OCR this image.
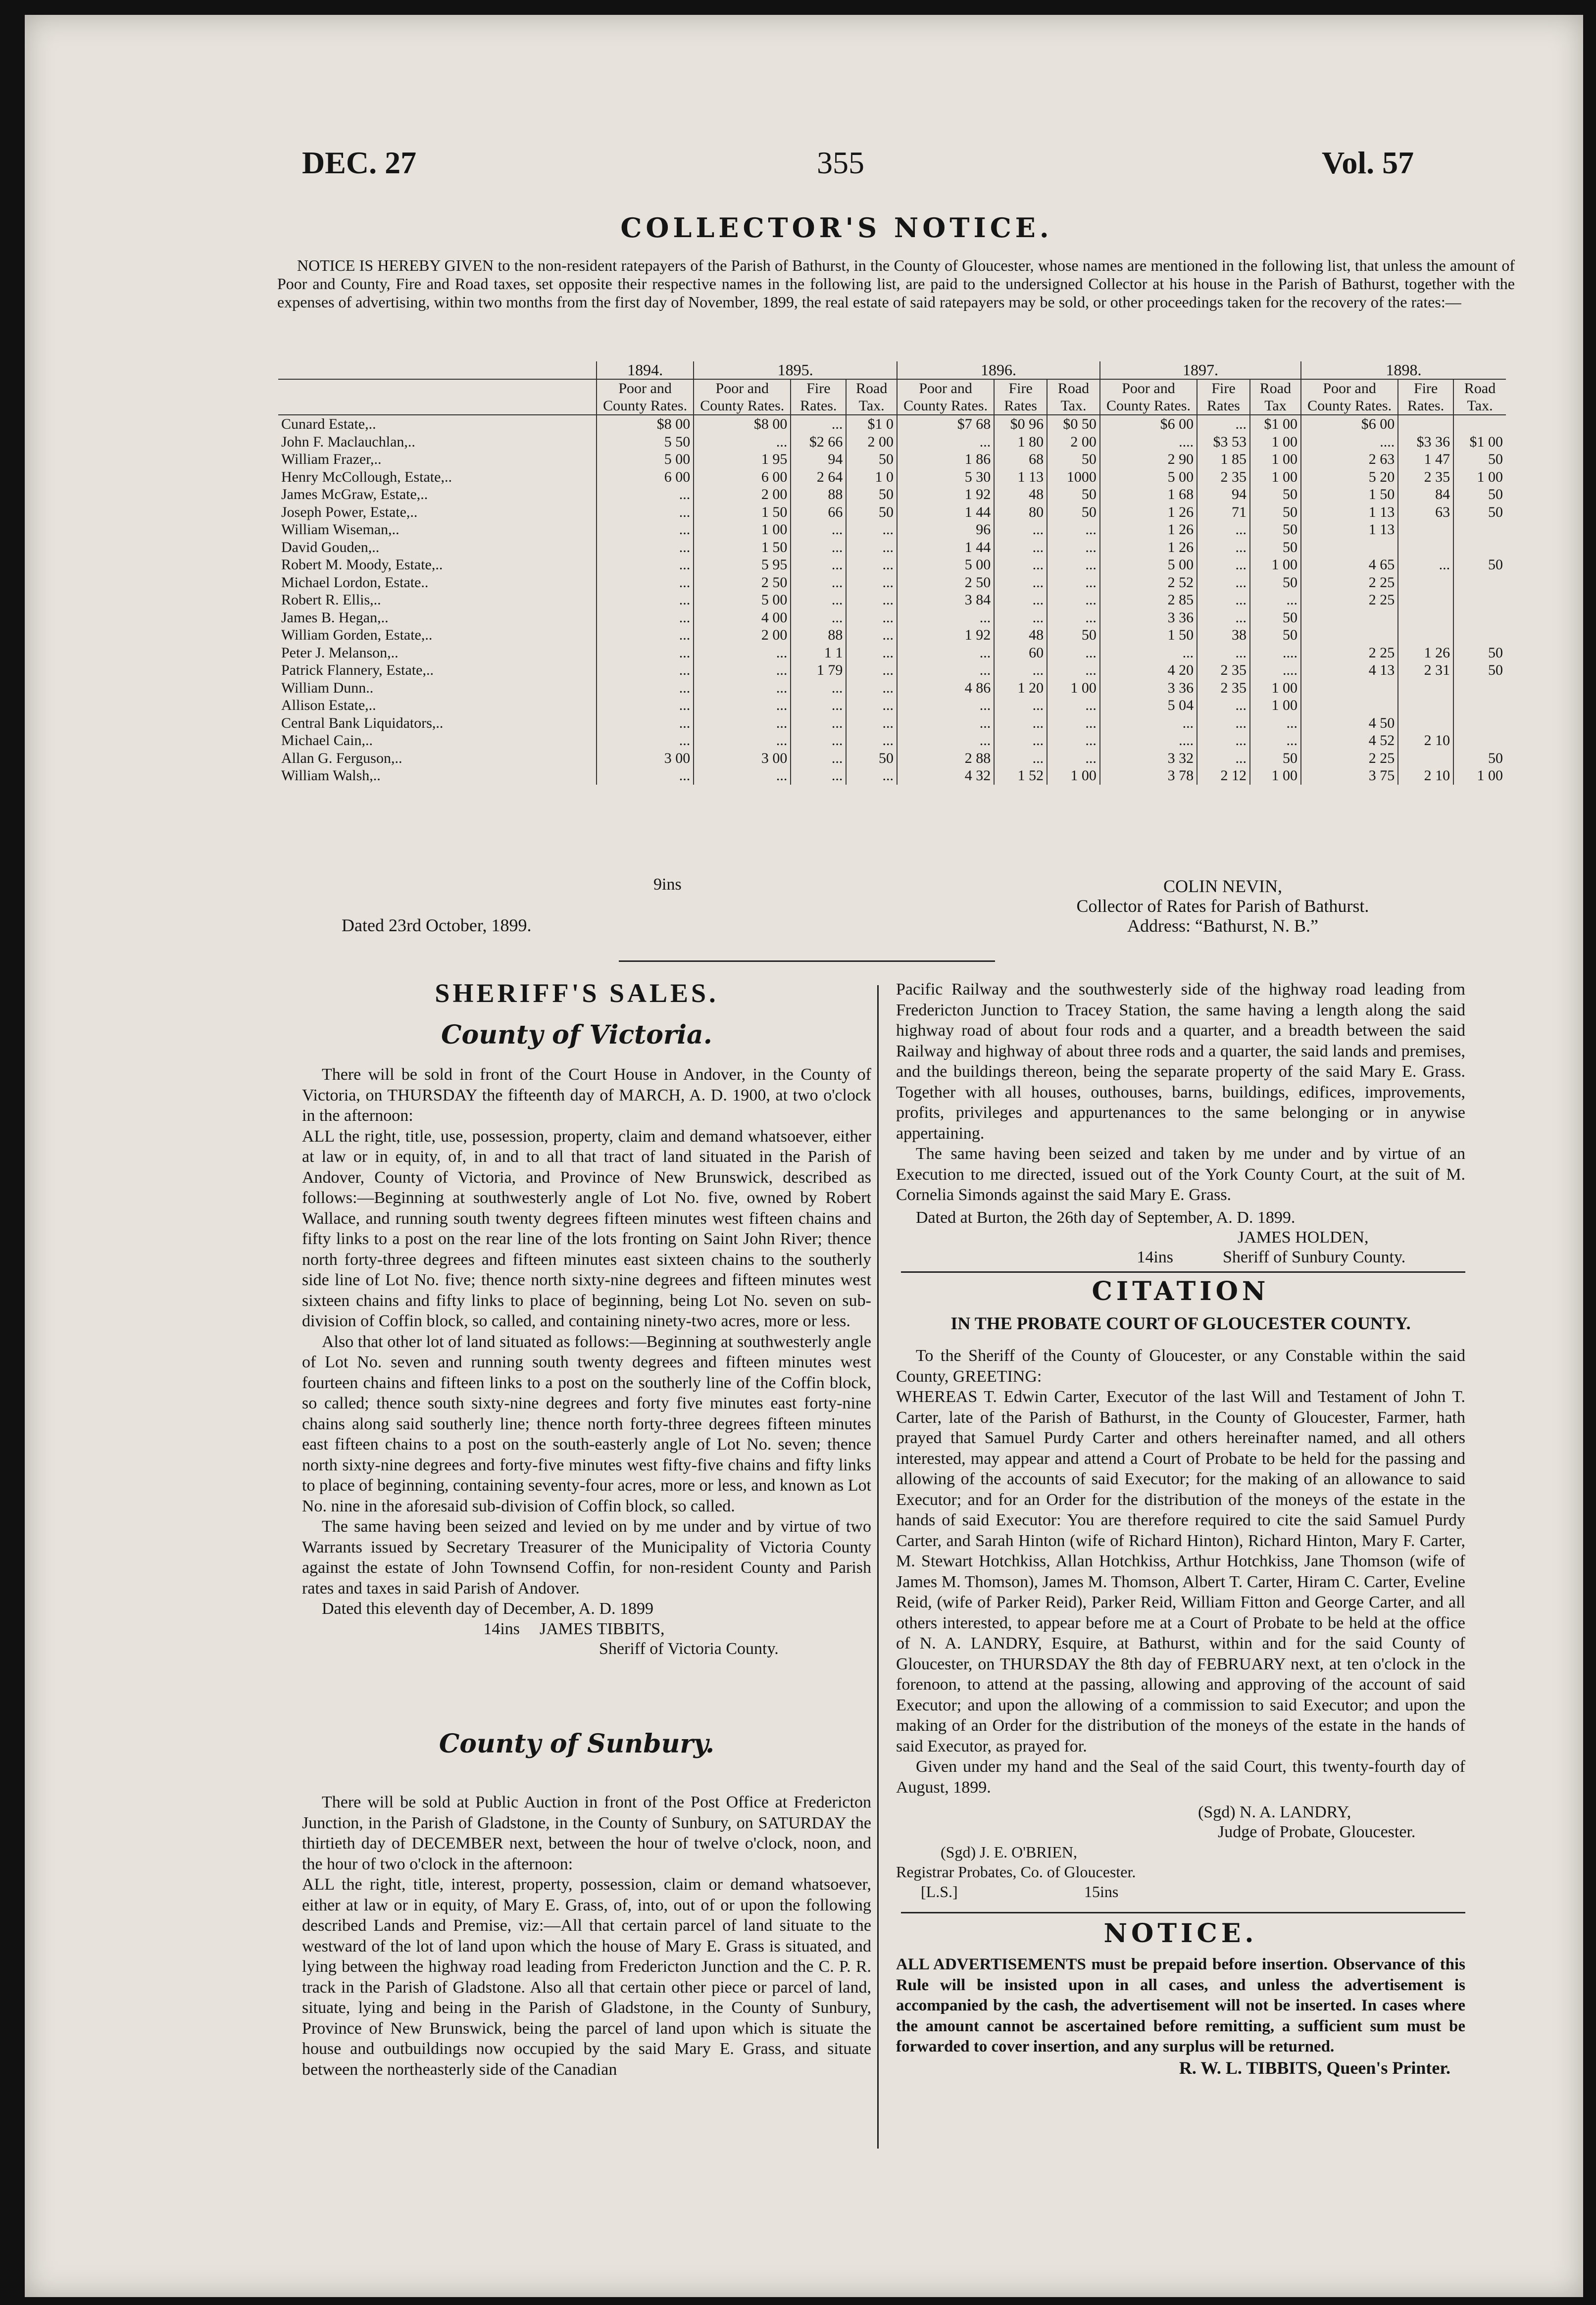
DEC. 27	355	Vol. 57
COLLECTOR'S NOTICE.

NOTICE IS HEREBY GIVEN to the non-resident ratepayers of the Parish of Bathurst, in the County of Gloucester, whose names are mentioned in the following list, that unless the amount of Poor and County, Fire and Road taxes, set opposite their respective names in the following list, are paid to the undersigned Collector at his house in the Parish of Bathurst, together with the expenses of advertising, within two months from the first day of November, 1899, the real estate of said ratepayers may be sold, or other proceedings taken for the recovery of the rates:—

	1894.	1895.			1896.			1897.			1898.		
	Poor and County Rates.	Poor and County Rates.	Fire Rates.	Road Tax.	Poor and County Rates.	Fire Rates	Road Tax.	Poor and County Rates.	Fire Rates	Road Tax	Poor and County Rates.	Fire Rates.	Road Tax.
Cunard Estate,..	$8 00	$8 00	...	$1 0	$7 68	$0 96	$0 50	$6 00	...	$1 00	$6 00		
John F. Maclauchlan,..	5 50	...	$2 66	2 00	...	1 80	2 00	....	$3 53	1 00	....	$3 36	$1 00
William Frazer,..	5 00	1 95	94	50	1 86	68	50	2 90	1 85	1 00	2 63	1 47	50
Henry McCollough, Estate,..	6 00	6 00	2 64	1 0	5 30	1 13	1000	5 00	2 35	1 00	5 20	2 35	1 00
James McGraw, Estate,..	...	2 00	88	50	1 92	48	50	1 68	94	50	1 50	84	50
Joseph Power, Estate,..	...	1 50	66	50	1 44	80	50	1 26	71	50	1 13	63	50
William Wiseman,..	...	1 00	...	...	96	...	...	1 26	...	50	1 13		
David Gouden,..	...	1 50	...	...	1 44	...	...	1 26	...	50			
Robert M. Moody, Estate,..	...	5 95	...	...	5 00	...	...	5 00	...	1 00	4 65	...	50
Michael Lordon, Estate..	...	2 50	...	...	2 50	...	...	2 52	...	50	2 25		
Robert R. Ellis,..	...	5 00	...	...	3 84	...	...	2 85	...	...	2 25		
James B. Hegan,..	...	4 00	...	...	...	...	...	3 36	...	50			
William Gorden, Estate,..	...	2 00	88	...	1 92	48	50	1 50	38	50			
Peter J. Melanson,..	...	...	1 1	...	...	60	...	...	...	....	2 25	1 26	50
Patrick Flannery, Estate,..	...	...	1 79	...	...	...	...	4 20	2 35	....	4 13	2 31	50
William Dunn..	...	...	...	...	4 86	1 20	1 00	3 36	2 35	1 00			
Allison Estate,..	...	...	...	...	...	...	...	5 04	...	1 00			
Central Bank Liquidators,..	...	...	...	...	...	...	...	...	...	...	4 50		
Michael Cain,..	...	...	...	...	...	...	...	....	...	...	4 52	2 10	
Allan G. Ferguson,..	3 00	3 00	...	50	2 88	...	...	3 32	...	50	2 25		50
William Walsh,..	...	...	...	...	4 32	1 52	1 00	3 78	2 12	1 00	3 75	2 10	1 00
9ins
Dated 23rd October, 1899.
COLIN NEVIN,
Collector of Rates for Parish of Bathurst.
Address: “Bathurst, N. B.”
SHERIFF'S SALES.
County of Victoria.

There will be sold in front of the Court House in Andover, in the County of Victoria, on THURSDAY the fifteenth day of MARCH, A. D. 1900, at two o'clock in the afternoon:

ALL the right, title, use, possession, property, claim and demand whatsoever, either at law or in equity, of, in and to all that tract of land situated in the Parish of Andover, County of Victoria, and Province of New Brunswick, described as follows:—Beginning at southwesterly angle of Lot No. five, owned by Robert Wallace, and running south twenty degrees fifteen minutes west fifteen chains and fifty links to a post on the rear line of the lots fronting on Saint John River; thence north forty-three degrees and fifteen minutes east sixteen chains to the southerly side line of Lot No. five; thence north sixty-nine degrees and fifteen minutes west sixteen chains and fifty links to place of beginning, being Lot No. seven on sub-division of Coffin block, so called, and containing ninety-two acres, more or less.

Also that other lot of land situated as follows:—Beginning at southwesterly angle of Lot No. seven and running south twenty degrees and fifteen minutes west fourteen chains and fifteen links to a post on the southerly line of the Coffin block, so called; thence south sixty-nine degrees and forty five minutes east forty-nine chains along said southerly line; thence north forty-three degrees fifteen minutes east fifteen chains to a post on the south-easterly angle of Lot No. seven; thence north sixty-nine degrees and forty-five minutes west fifty-five chains and fifty links to place of beginning, containing seventy-four acres, more or less, and known as Lot No. nine in the aforesaid sub-division of Coffin block, so called.

The same having been seized and levied on by me under and by virtue of two Warrants issued by Secretary Treasurer of the Municipality of Victoria County against the estate of John Townsend Coffin, for non-resident County and Parish rates and taxes in said Parish of Andover.

Dated this eleventh day of December, A. D. 1899

14ins	JAMES TIBBITS,
Sheriff of Victoria County.
County of Sunbury.

There will be sold at Public Auction in front of the Post Office at Fredericton Junction, in the Parish of Gladstone, in the County of Sunbury, on SATURDAY the thirtieth day of DECEMBER next, between the hour of twelve o'clock, noon, and the hour of two o'clock in the afternoon:

ALL the right, title, interest, property, possession, claim or demand whatsoever, either at law or in equity, of Mary E. Grass, of, into, out of or upon the following described Lands and Premise, viz:—All that certain parcel of land situate to the westward of the lot of land upon which the house of Mary E. Grass is situated, and lying between the highway road leading from Fredericton Junction and the C. P. R. track in the Parish of Gladstone. Also all that certain other piece or parcel of land, situate, lying and being in the Parish of Gladstone, in the County of Sunbury, Province of New Brunswick, being the parcel of land upon which is situate the house and outbuildings now occupied by the said Mary E. Grass, and situate between the northeasterly side of the Canadian

Pacific Railway and the southwesterly side of the highway road leading from Fredericton Junction to Tracey Station, the same having a length along the said highway road of about four rods and a quarter, and a breadth between the said Railway and highway of about three rods and a quarter, the said lands and premises, and the buildings thereon, being the separate property of the said Mary E. Grass. Together with all houses, outhouses, barns, buildings, edifices, improvements, profits, privileges and appurtenances to the same belonging or in anywise appertaining.

The same having been seized and taken by me under and by virtue of an Execution to me directed, issued out of the York County Court, at the suit of M. Cornelia Simonds against the said Mary E. Grass.

Dated at Burton, the 26th day of September, A. D. 1899.

JAMES HOLDEN,
14ins	Sheriff of Sunbury County.
CITATION
IN THE PROBATE COURT OF GLOUCESTER COUNTY.

To the Sheriff of the County of Gloucester, or any Constable within the said County, GREETING:

WHEREAS T. Edwin Carter, Executor of the last Will and Testament of John T. Carter, late of the Parish of Bathurst, in the County of Gloucester, Farmer, hath prayed that Samuel Purdy Carter and others hereinafter named, and all others interested, may appear and attend a Court of Probate to be held for the passing and allowing of the accounts of said Executor; for the making of an allowance to said Executor; and for an Order for the distribution of the moneys of the estate in the hands of said Executor: You are therefore required to cite the said Samuel Purdy Carter, and Sarah Hinton (wife of Richard Hinton), Richard Hinton, Mary F. Carter, M. Stewart Hotchkiss, Allan Hotchkiss, Arthur Hotchkiss, Jane Thomson (wife of James M. Thomson), James M. Thomson, Albert T. Carter, Hiram C. Carter, Eveline Reid, (wife of Parker Reid), Parker Reid, William Fitton and George Carter, and all others interested, to appear before me at a Court of Probate to be held at the office of N. A. LANDRY, Esquire, at Bathurst, within and for the said County of Gloucester, on THURSDAY the 8th day of FEBRUARY next, at ten o'clock in the forenoon, to attend at the passing, allowing and approving of the account of said Executor; and upon the allowing of a commission to said Executor; and upon the making of an Order for the distribution of the moneys of the estate in the hands of said Executor, as prayed for.

Given under my hand and the Seal of the said Court, this twenty-fourth day of August, 1899.

(Sgd) N. A. LANDRY,
Judge of Probate, Gloucester.
(Sgd) J. E. O'BRIEN,
Registrar Probates, Co. of Gloucester.
[L.S.]	15ins
NOTICE.

ALL ADVERTISEMENTS must be prepaid before insertion. Observance of this Rule will be insisted upon in all cases, and unless the advertisement is accompanied by the cash, the advertisement will not be inserted. In cases where the amount cannot be ascertained before remitting, a sufficient sum must be forwarded to cover insertion, and any surplus will be returned.

R. W. L. TIBBITS, Queen's Printer.
